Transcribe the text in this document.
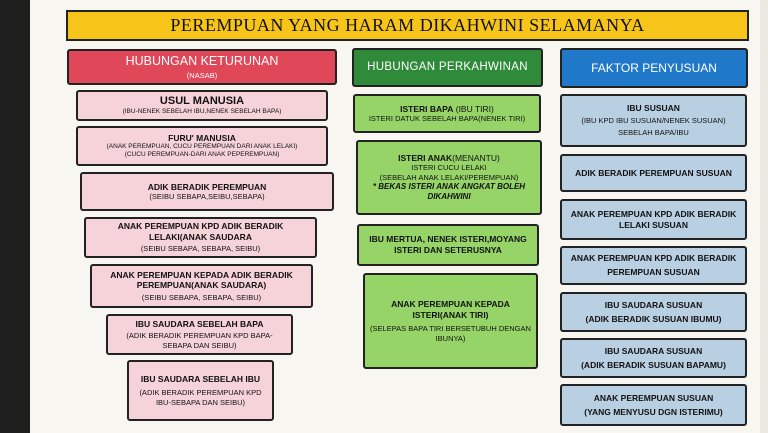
PEREMPUAN YANG HARAM DIKAHWINI SELAMANYA
HUBUNGAN KETURUNAN
(NASAB)
USUL MANUSIA
(IBU-NENEK SEBELAH IBU,NENEK SEBELAH BAPA)
FURU' MANUSIA
(ANAK PEREMPUAN, CUCU PEREMPUAN DARI ANAK LELAKI)
(CUCU PEREMPUAN-DARI ANAK PEPEREMPUAN)
ADIK BERADIK PEREMPUAN
(SEIBU SEBAPA,SEIBU,SEBAPA)
ANAK PEREMPUAN KPD ADIK BERADIK LELAKI(ANAK SAUDARA
(SEIBU SEBAPA, SEBAPA, SEIBU)
ANAK PEREMPUAN KEPADA ADIK BERADIK PEREMPUAN(ANAK SAUDARA)
(SEIBU SEBAPA, SEBAPA, SEIBU)
IBU SAUDARA SEBELAH BAPA
(ADIK BERADIK PEREMPUAN KPD BAPA-SEBAPA DAN SEIBU)
IBU SAUDARA SEBELAH IBU
(ADIK BERADIK PEREMPUAN KPD IBU-SEBAPA DAN SEIBU)
HUBUNGAN PERKAHWINAN
ISTERI BAPA (IBU TIRI)
ISTERI DATUK SEBELAH BAPA(NENEK TIRI)
ISTERI ANAK(MENANTU)
ISTERI CUCU LELAKI
(SEBELAH ANAK LELAKI/PEREMPUAN)
* BEKAS ISTERI ANAK ANGKAT BOLEH DIKAHWINI
IBU MERTUA, NENEK ISTERI,MOYANG ISTERI DAN SETERUSNYA
ANAK PEREMPUAN KEPADA ISTERI(ANAK TIRI)
(SELEPAS BAPA TIRI BERSETUBUH DENGAN IBUNYA)
FAKTOR PENYUSUAN
IBU SUSUAN
(IBU KPD IBU SUSUAN/NENEK SUSUAN)
SEBELAH BAPA/IBU
ADIK BERADIK PEREMPUAN SUSUAN
ANAK PEREMPUAN KPD ADIK BERADIK LELAKI SUSUAN
ANAK PEREMPUAN KPD ADIK BERADIK
PEREMPUAN SUSUAN
IBU SAUDARA SUSUAN
(ADIK BERADIK SUSUAN IBUMU)
IBU SAUDARA SUSUAN
(ADIK BERADIK SUSUAN BAPAMU)
ANAK PEREMPUAN SUSUAN
(YANG MENYUSU DGN ISTERIMU)
